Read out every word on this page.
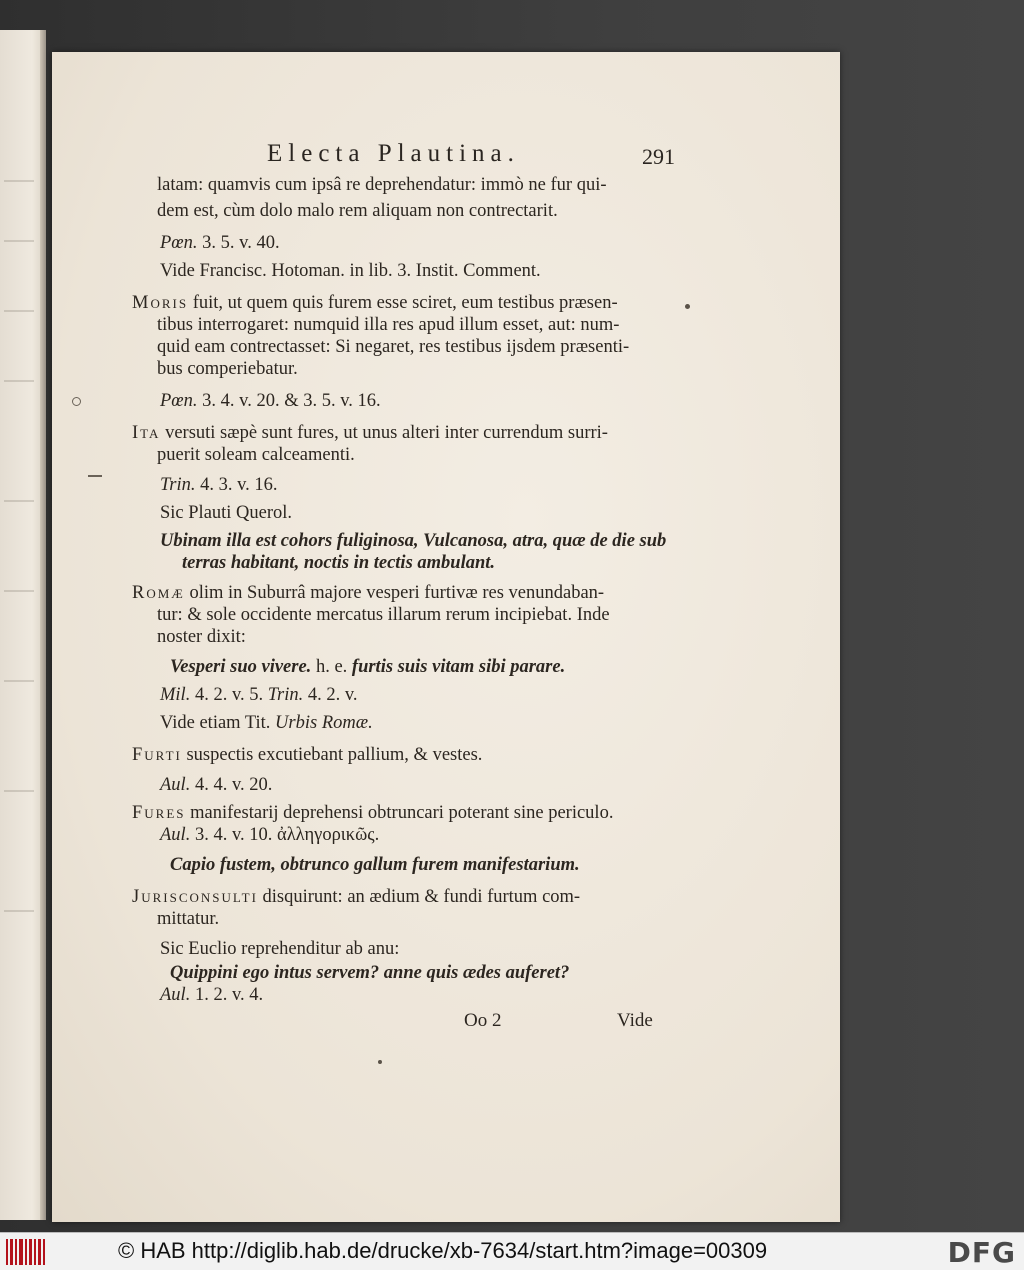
Electa Plautina.	291
latam: quamvis cum ipsâ re deprehendatur: immò ne fur qui-
dem est, cùm dolo malo rem aliquam non contrectarit.
Pœn. 3. 5. v. 40.
Vide Francisc. Hotoman. in lib. 3. Instit. Comment.
Moris fuit, ut quem quis furem esse sciret, eum testibus præsen-
tibus interrogaret: numquid illa res apud illum esset, aut: num-
quid eam contrectasset: Si negaret, res testibus ijsdem præsenti-
bus comperiebatur.
Pœn. 3. 4. v. 20. & 3. 5. v. 16.
Ita versuti sæpè sunt fures, ut unus alteri inter currendum surri-
puerit soleam calceamenti.
Trin. 4. 3. v. 16.
Sic Plauti Querol.
Ubinam illa est cohors fuliginosa, Vulcanosa, atra, quæ de die sub
terras habitant, noctis in tectis ambulant.
Romæ olim in Suburrâ majore vesperi furtivæ res venundaban-
tur: & sole occidente mercatus illarum rerum incipiebat. Inde
noster dixit:
Vesperi suo vivere. h. e. furtis suis vitam sibi parare.
Mil. 4. 2. v. 5. Trin. 4. 2. v.
Vide etiam Tit. Urbis Romæ.
Furti suspectis excutiebant pallium, & vestes.
Aul. 4. 4. v. 20.
Fures manifestarij deprehensi obtruncari poterant sine periculo.
Aul. 3. 4. v. 10. ἀλληγορικῶς.
Capio fustem, obtrunco gallum furem manifestarium.
Jurisconsulti disquirunt: an ædium & fundi furtum com-
mittatur.
Sic Euclio reprehenditur ab anu:
Quippini ego intus servem? anne quis ædes auferet?
Aul. 1. 2. v. 4.
Oo 2	Vide
© HAB http://diglib.hab.de/drucke/xb-7634/start.htm?image=00309	DFG
